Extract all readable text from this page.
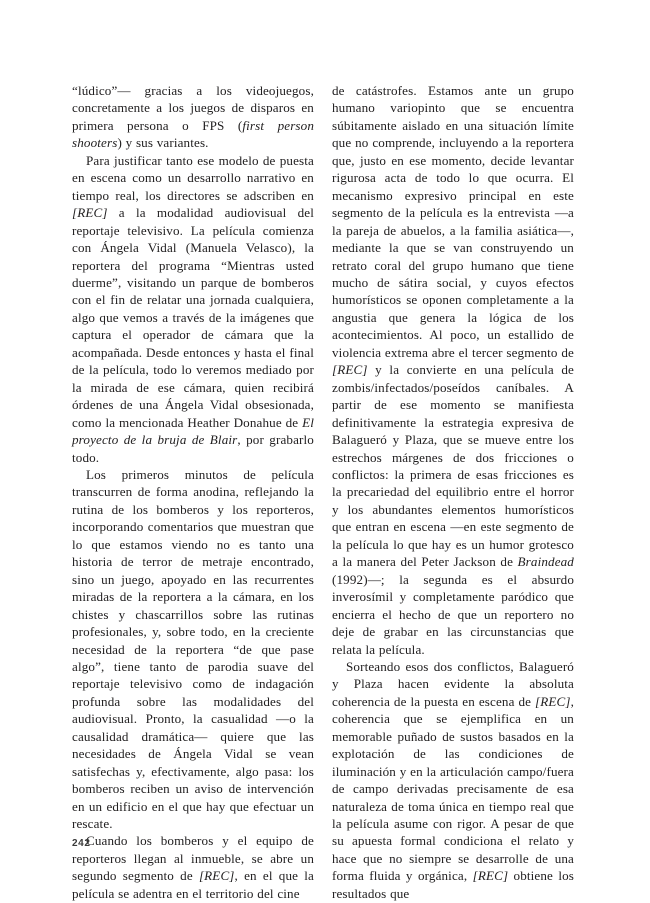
“lúdico”— gracias a los videojuegos, concretamente a los juegos de disparos en primera persona o FPS (first person shooters) y sus variantes.

Para justificar tanto ese modelo de puesta en escena como un desarrollo narrativo en tiempo real, los directores se adscriben en [REC] a la modalidad audiovisual del reportaje televisivo. La película comienza con Ángela Vidal (Manuela Velasco), la reportera del programa “Mientras usted duerme”, visitando un parque de bomberos con el fin de relatar una jornada cualquiera, algo que vemos a través de la imágenes que captura el operador de cámara que la acompañada. Desde entonces y hasta el final de la película, todo lo veremos mediado por la mirada de ese cámara, quien recibirá órdenes de una Ángela Vidal obsesionada, como la mencionada Heather Donahue de El proyecto de la bruja de Blair, por grabarlo todo.

Los primeros minutos de película transcurren de forma anodina, reflejando la rutina de los bomberos y los reporteros, incorporando comentarios que muestran que lo que estamos viendo no es tanto una historia de terror de metraje encontrado, sino un juego, apoyado en las recurrentes miradas de la reportera a la cámara, en los chistes y chascarrillos sobre las rutinas profesionales, y, sobre todo, en la creciente necesidad de la reportera “de que pase algo”, tiene tanto de parodia suave del reportaje televisivo como de indagación profunda sobre las modalidades del audiovisual. Pronto, la casualidad —o la causalidad dramática— quiere que las necesidades de Ángela Vidal se vean satisfechas y, efectivamente, algo pasa: los bomberos reciben un aviso de intervención en un edificio en el que hay que efectuar un rescate.

Cuando los bomberos y el equipo de reporteros llegan al inmueble, se abre un segundo segmento de [REC], en el que la película se adentra en el territorio del cine

de catástrofes. Estamos ante un grupo humano variopinto que se encuentra súbitamente aislado en una situación límite que no comprende, incluyendo a la reportera que, justo en ese momento, decide levantar rigurosa acta de todo lo que ocurra. El mecanismo expresivo principal en este segmento de la película es la entrevista —a la pareja de abuelos, a la familia asiática—, mediante la que se van construyendo un retrato coral del grupo humano que tiene mucho de sátira social, y cuyos efectos humorísticos se oponen completamente a la angustia que genera la lógica de los acontecimientos. Al poco, un estallido de violencia extrema abre el tercer segmento de [REC] y la convierte en una película de zombis/infectados/poseídos caníbales. A partir de ese momento se manifiesta definitivamente la estrategia expresiva de Balagueró y Plaza, que se mueve entre los estrechos márgenes de dos fricciones o conflictos: la primera de esas fricciones es la precariedad del equilibrio entre el horror y los abundantes elementos humorísticos que entran en escena —en este segmento de la película lo que hay es un humor grotesco a la manera del Peter Jackson de Braindead (1992)—; la segunda es el absurdo inverosímil y completamente paródico que encierra el hecho de que un reportero no deje de grabar en las circunstancias que relata la película.

Sorteando esos dos conflictos, Balagueró y Plaza hacen evidente la absoluta coherencia de la puesta en escena de [REC], coherencia que se ejemplifica en un memorable puñado de sustos basados en la explotación de las condiciones de iluminación y en la articulación campo/fuera de campo derivadas precisamente de esa naturaleza de toma única en tiempo real que la película asume con rigor. A pesar de que su apuesta formal condiciona el relato y hace que no siempre se desarrolle de una forma fluida y orgánica, [REC] obtiene los resultados que

242
